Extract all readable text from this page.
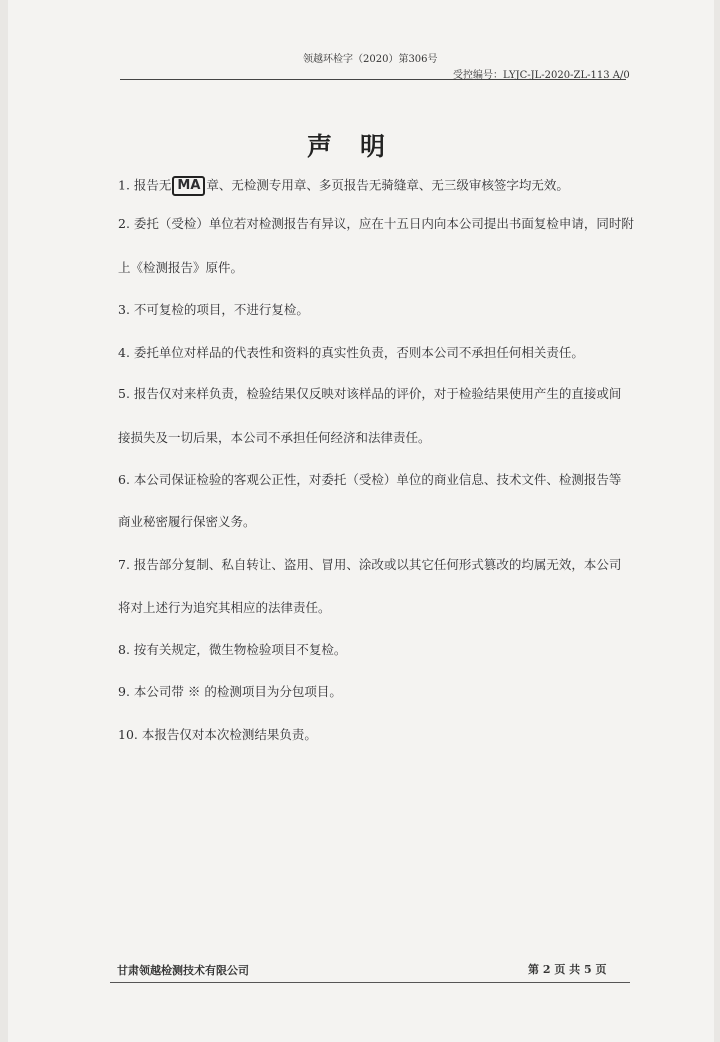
领越环检字（2020）第306号
受控编号：LYJC-JL-2020-ZL-113 A/0
声明
1. 报告无 MA 章、无检测专用章、多页报告无骑缝章、无三级审核签字均无效。
2. 委托（受检）单位若对检测报告有异议，应在十五日内向本公司提出书面复检申请，同时附
上《检测报告》原件。
3. 不可复检的项目，不进行复检。
4. 委托单位对样品的代表性和资料的真实性负责，否则本公司不承担任何相关责任。
5. 报告仅对来样负责，检验结果仅反映对该样品的评价，对于检验结果使用产生的直接或间
接损失及一切后果，本公司不承担任何经济和法律责任。
6. 本公司保证检验的客观公正性，对委托（受检）单位的商业信息、技术文件、检测报告等
商业秘密履行保密义务。
7. 报告部分复制、私自转让、盗用、冒用、涂改或以其它任何形式篡改的均属无效，本公司
将对上述行为追究其相应的法律责任。
8. 按有关规定，微生物检验项目不复检。
9. 本公司带 ※ 的检测项目为分包项目。
10. 本报告仅对本次检测结果负责。
甘肃领越检测技术有限公司	第 2 页 共 5 页
